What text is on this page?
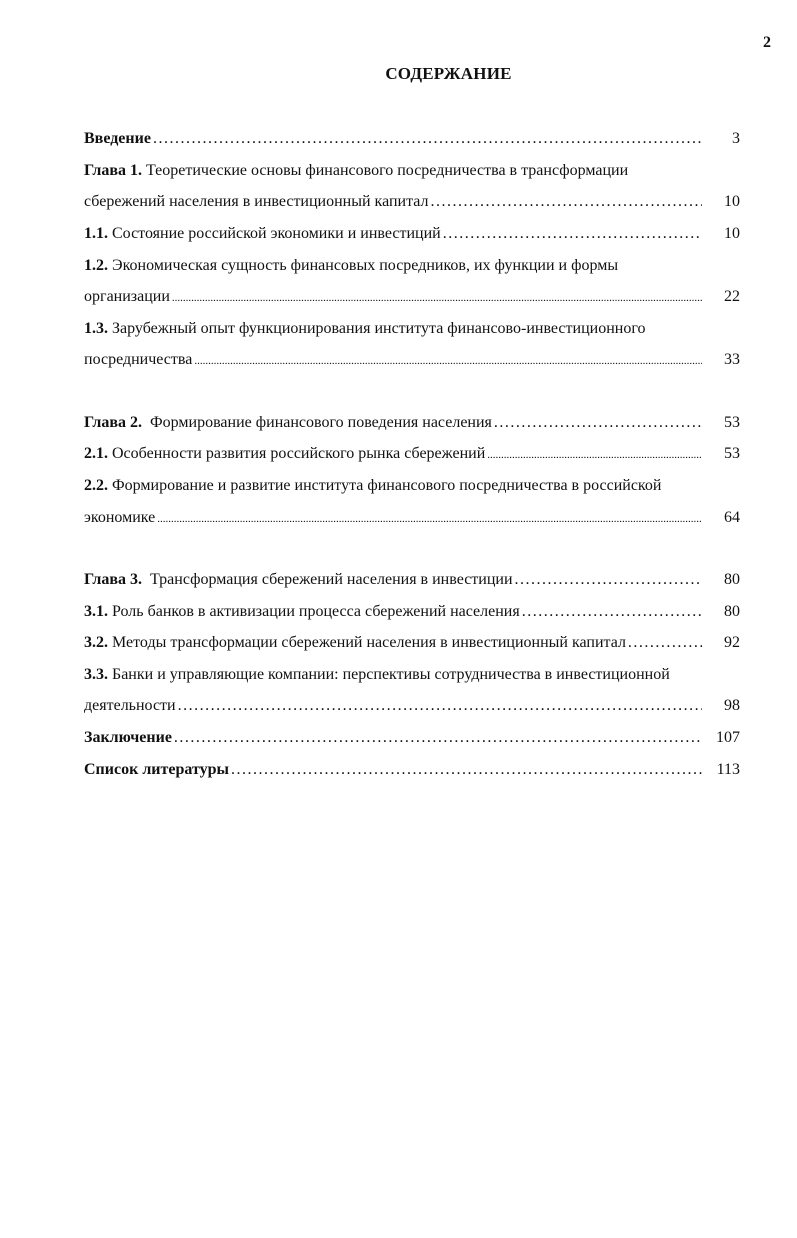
2
СОДЕРЖАНИЕ
Введение .....	3
Глава 1. Теоретические основы финансового посредничества в трансформации
сбережений населения в инвестиционный капитал .....	10
1.1. Состояние российской экономики и инвестиций .....	10
1.2. Экономическая сущность финансовых посредников, их функции и формы
организации .....	22
1.3. Зарубежный опыт функционирования института финансово-инвестиционного
посредничества .....	33
Глава 2. Формирование финансового поведения населения .....	53
2.1. Особенности развития российского рынка сбережений .....	53
2.2. Формирование и развитие института финансового посредничества в российской
экономике .....	64
Глава 3. Трансформация сбережений населения в инвестиции .....	80
3.1. Роль банков в активизации процесса сбережений населения .....	80
3.2. Методы трансформации сбережений населения в инвестиционный капитал .....	92
3.3. Банки и управляющие компании: перспективы сотрудничества в инвестиционной
деятельности .....	98
Заключение .....	107
Список литературы .....	113
